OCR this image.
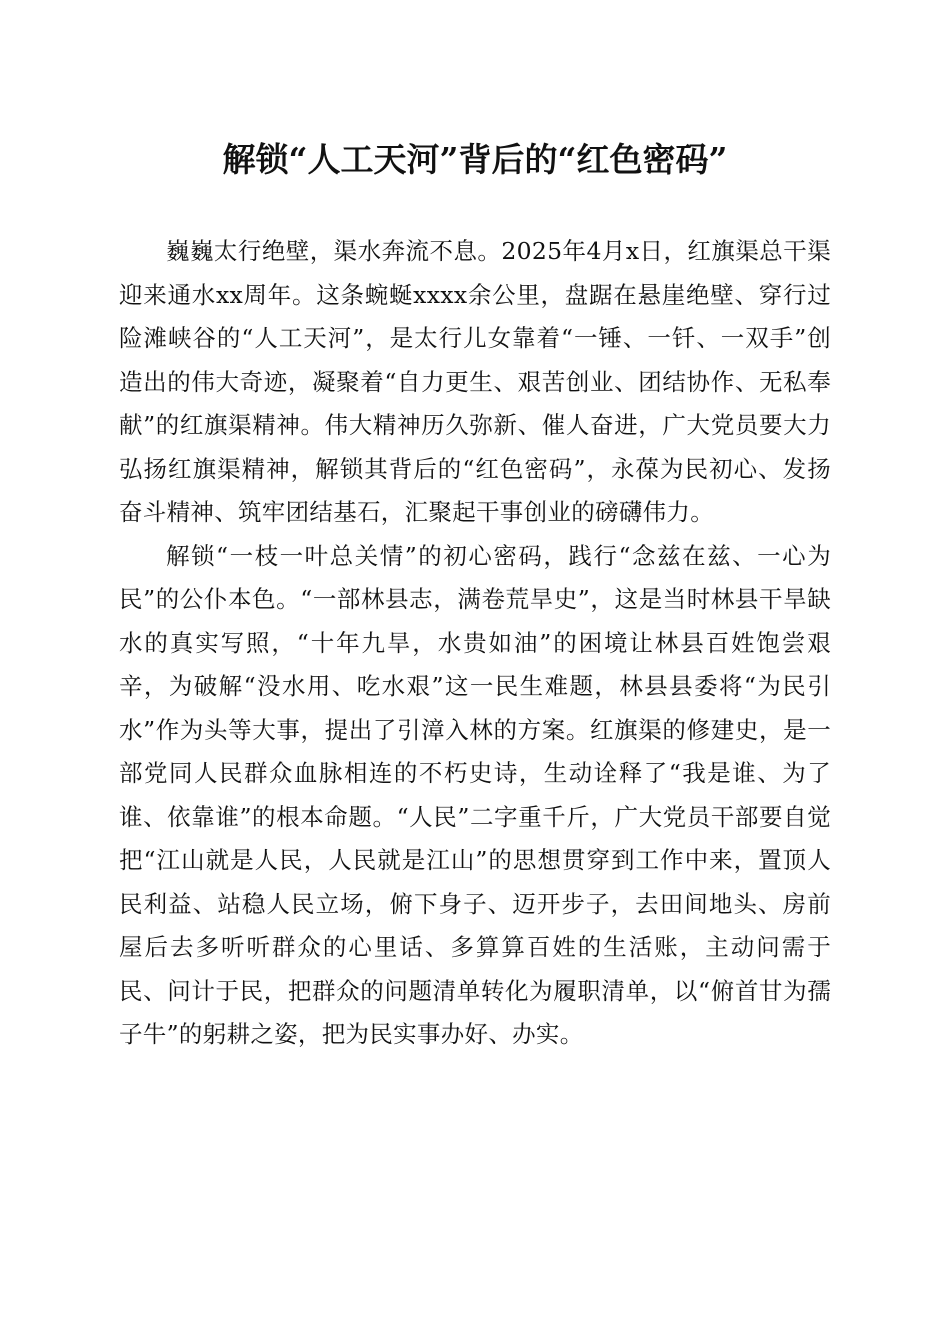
解锁“人工天河”背后的“红色密码”

巍巍太行绝壁，渠水奔流不息。2025年4月x日，红旗渠总干渠迎来通水xx周年。这条蜿蜒xxxx余公里，盘踞在悬崖绝壁、穿行过险滩峡谷的“人工天河”，是太行儿女靠着“一锤、一钎、一双手”创造出的伟大奇迹，凝聚着“自力更生、艰苦创业、团结协作、无私奉献”的红旗渠精神。伟大精神历久弥新、催人奋进，广大党员要大力弘扬红旗渠精神，解锁其背后的“红色密码”，永葆为民初心、发扬奋斗精神、筑牢团结基石，汇聚起干事创业的磅礴伟力。

解锁“一枝一叶总关情”的初心密码，践行“念兹在兹、一心为民”的公仆本色。“一部林县志，满卷荒旱史”，这是当时林县干旱缺水的真实写照，“十年九旱，水贵如油”的困境让林县百姓饱尝艰辛，为破解“没水用、吃水艰”这一民生难题，林县县委将“为民引水”作为头等大事，提出了引漳入林的方案。红旗渠的修建史，是一部党同人民群众血脉相连的不朽史诗，生动诠释了“我是谁、为了谁、依靠谁”的根本命题。“人民”二字重千斤，广大党员干部要自觉把“江山就是人民，人民就是江山”的思想贯穿到工作中来，置顶人民利益、站稳人民立场，俯下身子、迈开步子，去田间地头、房前屋后去多听听群众的心里话、多算算百姓的生活账，主动问需于民、问计于民，把群众的问题清单转化为履职清单，以“俯首甘为孺子牛”的躬耕之姿，把为民实事办好、办实。
